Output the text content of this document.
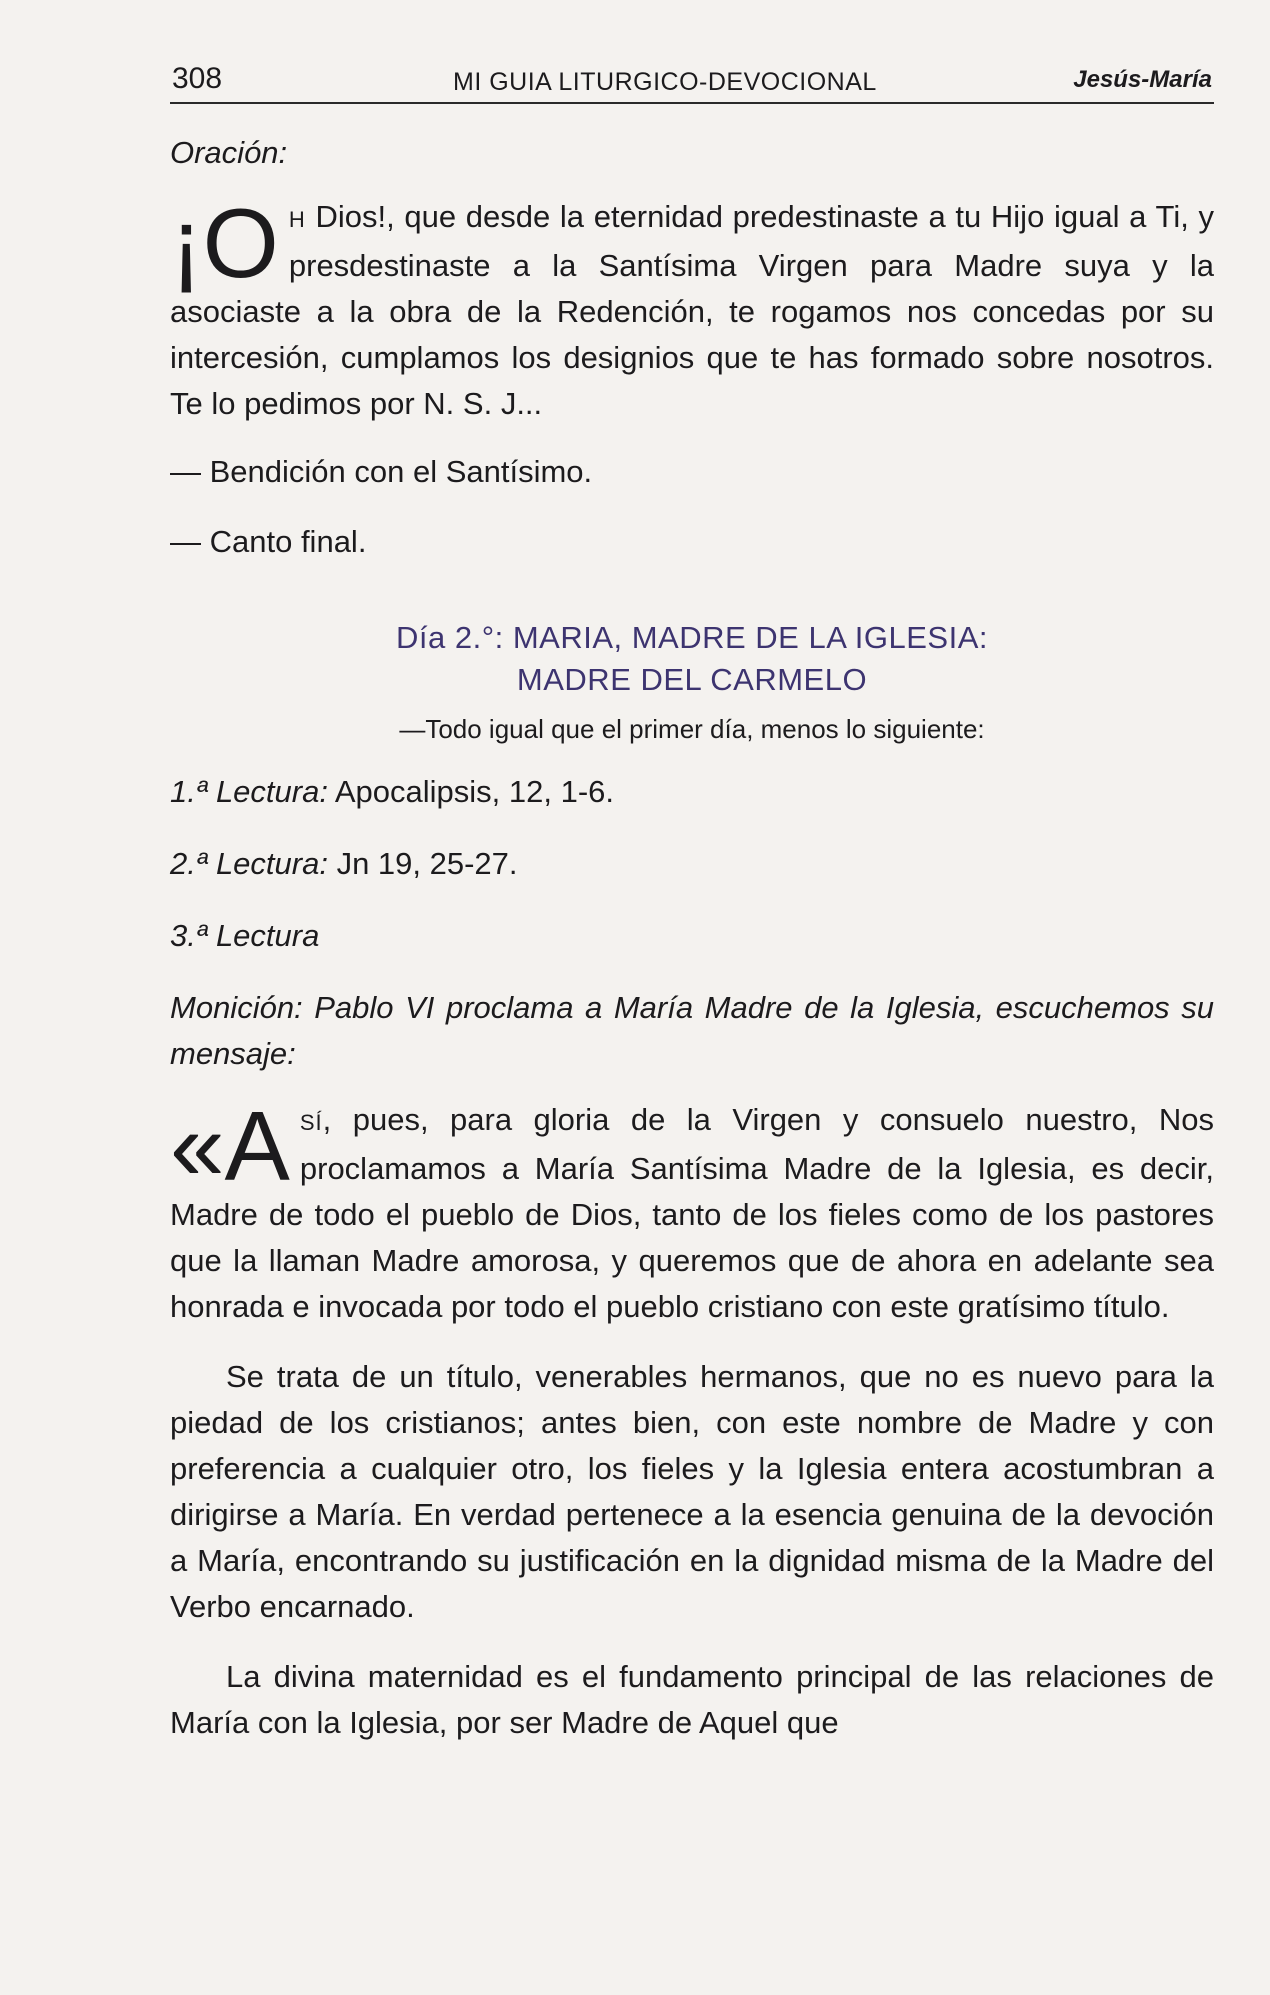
308	MI GUIA LITURGICO-DEVOCIONAL	Jesús-María

Oración:

¡O H Dios!, que desde la eternidad predestinaste a tu Hijo igual a Ti, y presdestinaste a la Santísima Virgen para Madre suya y la asociaste a la obra de la Redención, te rogamos nos concedas por su intercesión, cumplamos los designios que te has formado sobre nosotros. Te lo pedimos por N. S. J...

— Bendición con el Santísimo.

— Canto final.

Día 2.°: MARIA, MADRE DE LA IGLESIA:

MADRE DEL CARMELO

—Todo igual que el primer día, menos lo siguiente:

1.ª Lectura: Apocalipsis, 12, 1-6.

2.ª Lectura: Jn 19, 25-27.

3.ª Lectura

Monición: Pablo VI proclama a María Madre de la Iglesia, escuchemos su mensaje:

«ASÍ, pues, para gloria de la Virgen y consuelo nuestro, Nos proclamamos a María Santísima Madre de la Iglesia, es decir, Madre de todo el pueblo de Dios, tanto de los fieles como de los pastores que la llaman Madre amorosa, y queremos que de ahora en adelante sea honrada e invocada por todo el pueblo cristiano con este gratísimo título.

Se trata de un título, venerables hermanos, que no es nuevo para la piedad de los cristianos; antes bien, con este nombre de Madre y con preferencia a cualquier otro, los fieles y la Iglesia entera acostumbran a dirigirse a María. En verdad pertenece a la esencia genuina de la devoción a María, encontrando su justificación en la dignidad misma de la Madre del Verbo encarnado.

La divina maternidad es el fundamento principal de las relaciones de María con la Iglesia, por ser Madre de Aquel que
